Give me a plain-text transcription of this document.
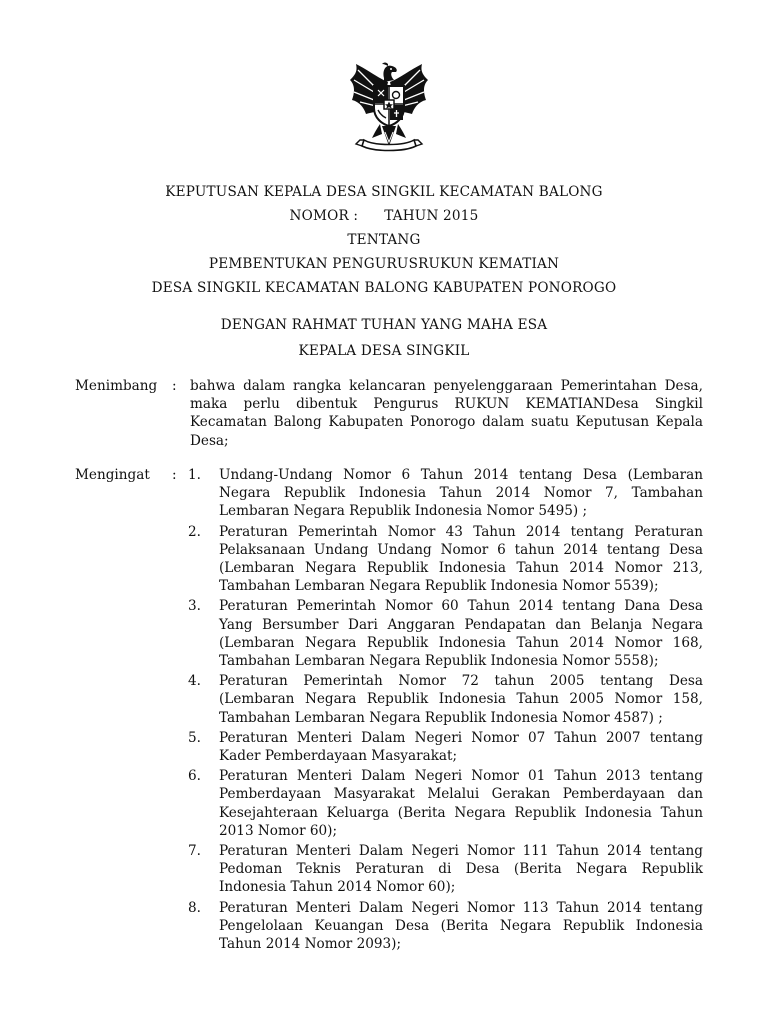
KEPUTUSAN KEPALA DESA SINGKIL KECAMATAN BALONG
NOMOR : TAHUN 2015
TENTANG
PEMBENTUKAN PENGURUSRUKUN KEMATIAN
DESA SINGKIL KECAMATAN BALONG KABUPATEN PONOROGO
DENGAN RAHMAT TUHAN YANG MAHA ESA
KEPALA DESA SINGKIL
Menimbang	: bahwa dalam rangka kelancaran penyelenggaraan Pemerintahan Desa, maka perlu dibentuk Pengurus RUKUN KEMATIANDesa Singkil Kecamatan Balong Kabupaten Ponorogo dalam suatu Keputusan Kepala Desa;
Mengingat	: 1.	Undang-Undang Nomor 6 Tahun 2014 tentang Desa (Lembaran Negara Republik Indonesia Tahun 2014 Nomor 7, Tambahan Lembaran Negara Republik Indonesia Nomor 5495) ;
2.	Peraturan Pemerintah Nomor 43 Tahun 2014 tentang Peraturan Pelaksanaan Undang Undang Nomor 6 tahun 2014 tentang Desa (Lembaran Negara Republik Indonesia Tahun 2014 Nomor 213, Tambahan Lembaran Negara Republik Indonesia Nomor 5539);
3.	Peraturan Pemerintah Nomor 60 Tahun 2014 tentang Dana Desa Yang Bersumber Dari Anggaran Pendapatan dan Belanja Negara (Lembaran Negara Republik Indonesia Tahun 2014 Nomor 168, Tambahan Lembaran Negara Republik Indonesia Nomor 5558);
4.	Peraturan Pemerintah Nomor 72 tahun 2005 tentang Desa (Lembaran Negara Republik Indonesia Tahun 2005 Nomor 158, Tambahan Lembaran Negara Republik Indonesia Nomor 4587) ;
5.	Peraturan Menteri Dalam Negeri Nomor 07 Tahun 2007 tentang Kader Pemberdayaan Masyarakat;
6.	Peraturan Menteri Dalam Negeri Nomor 01 Tahun 2013 tentang Pemberdayaan Masyarakat Melalui Gerakan Pemberdayaan dan Kesejahteraan Keluarga (Berita Negara Republik Indonesia Tahun 2013 Nomor 60);
7.	Peraturan Menteri Dalam Negeri Nomor 111 Tahun 2014 tentang Pedoman Teknis Peraturan di Desa (Berita Negara Republik Indonesia Tahun 2014 Nomor 60);
8.	Peraturan Menteri Dalam Negeri Nomor 113 Tahun 2014 tentang Pengelolaan Keuangan Desa (Berita Negara Republik Indonesia Tahun 2014 Nomor 2093);
